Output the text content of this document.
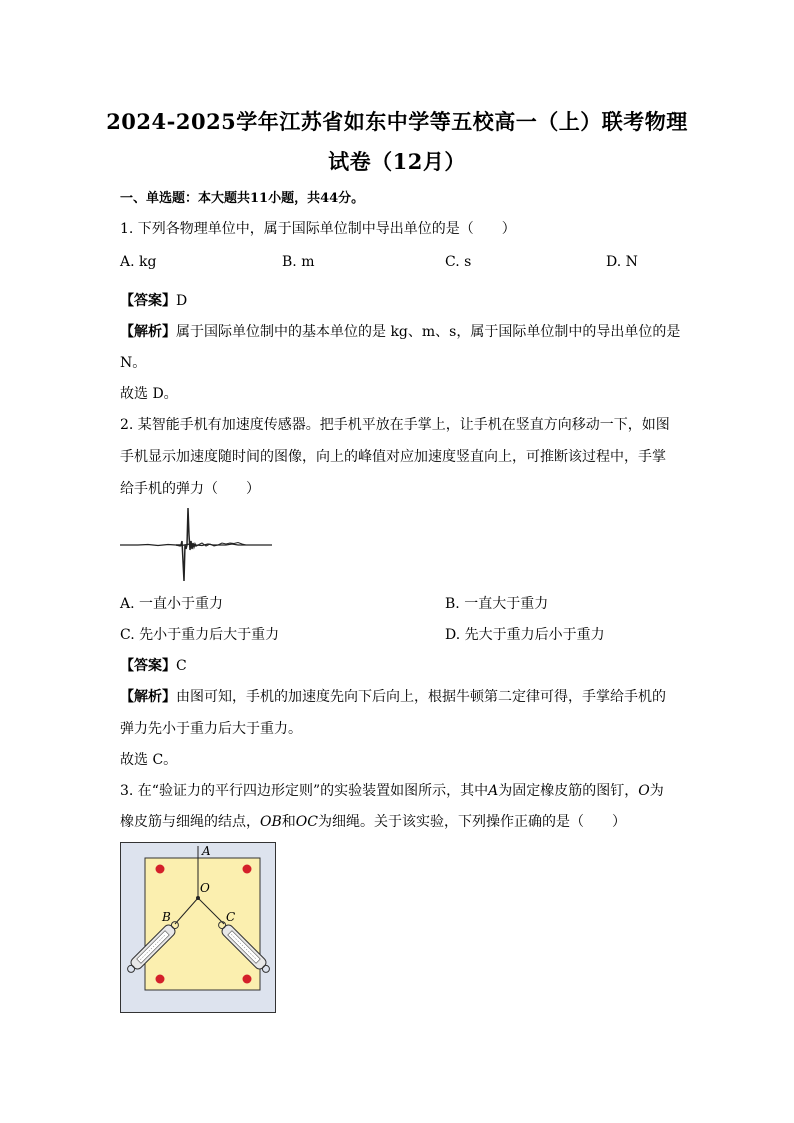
2024-2025学年江苏省如东中学等五校高一（上）联考物理
试卷（12月）
一、单选题：本大题共11小题，共44分。
1. 下列各物理单位中，属于国际单位制中导出单位的是（　　）
A. kg	B. m	C. s	D. N
【答案】D
【解析】属于国际单位制中的基本单位的是 kg、m、s，属于国际单位制中的导出单位的是
N。
故选 D。
2. 某智能手机有加速度传感器。把手机平放在手掌上，让手机在竖直方向移动一下，如图
手机显示加速度随时间的图像，向上的峰值对应加速度竖直向上，可推断该过程中，手掌
给手机的弹力（　　）
A. 一直小于重力	B. 一直大于重力
C. 先小于重力后大于重力	D. 先大于重力后小于重力
【答案】C
【解析】由图可知，手机的加速度先向下后向上，根据牛顿第二定律可得，手掌给手机的
弹力先小于重力后大于重力。
故选 C。
3. 在“验证力的平行四边形定则”的实验装置如图所示，其中A为固定橡皮筋的图钉，O为
橡皮筋与细绳的结点，OB和OC为细绳。关于该实验，下列操作正确的是（　　）
A
O
B	C
